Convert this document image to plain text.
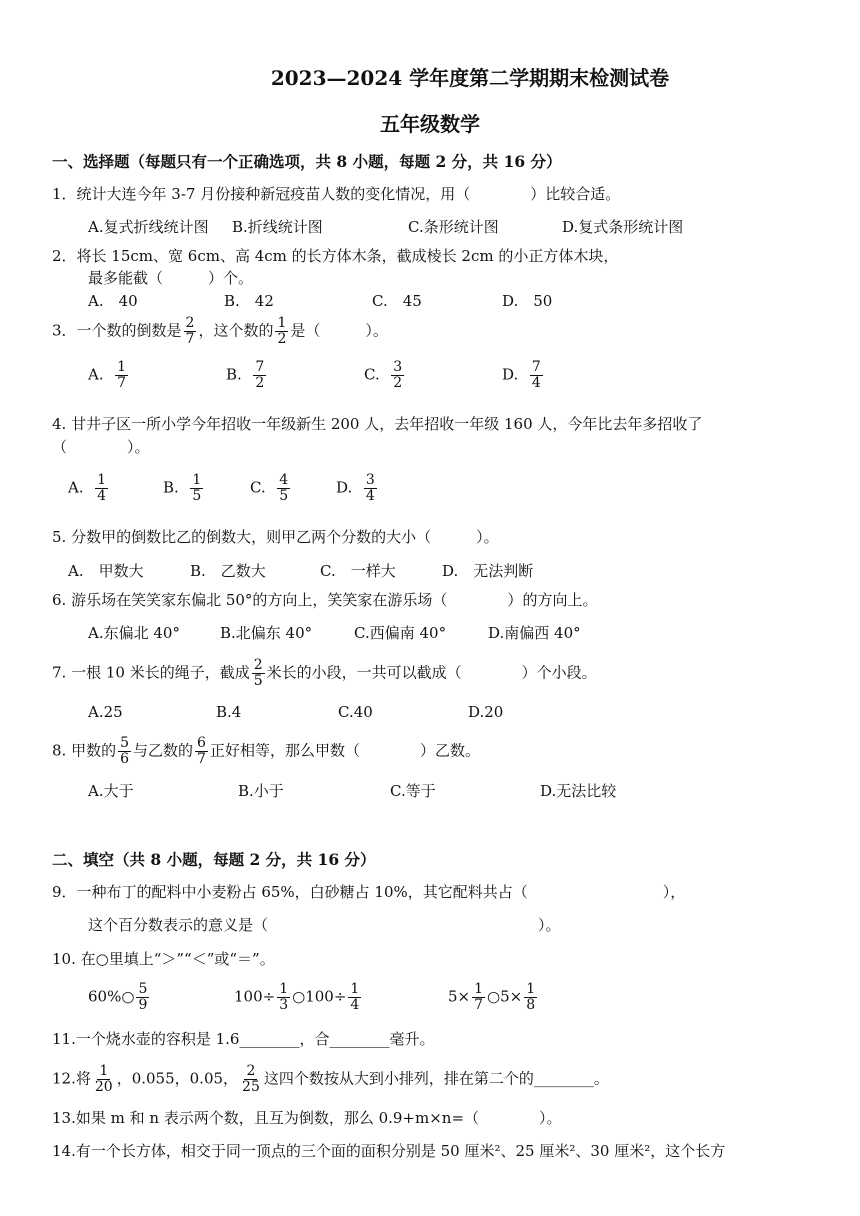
2023—2024 学年度第二学期期末检测试卷
五年级数学
一、选择题（每题只有一个正确选项，共 8 小题，每题 2 分，共 16 分）
1．统计大连今年 3-7 月份接种新冠疫苗人数的变化情况，用（　　　　）比较合适。
A.复式折线统计图 B.折线统计图	C.条形统计图	D.复式条形统计图
2．将长 15cm、宽 6cm、高 4cm 的长方体木条，截成棱长 2cm 的小正方体木块，
最多能截（　　　）个。
A.　40	B.　42	C.　45	D.　50
3．一个数的倒数是 $\frac{2}{7}$ ，这个数的 $\frac{1}{2}$ 是（　　　）。
A. $\frac{1}{7}$	B. $\frac{7}{2}$	C. $\frac{3}{2}$	D. $\frac{7}{4}$
4. 甘井子区一所小学今年招收一年级新生 200 人，去年招收一年级 160 人，今年比去年多招收了
（　　　　）。
A. $\frac{1}{4}$	B. $\frac{1}{5}$	C. $\frac{4}{5}$	D. $\frac{3}{4}$
5. 分数甲的倒数比乙的倒数大，则甲乙两个分数的大小（　　　）。
A.　甲数大	B.　乙数大	C.　一样大	D.　无法判断
6. 游乐场在笑笑家东偏北 50°的方向上，笑笑家在游乐场（　　　　）的方向上。
A.东偏北 40°	B.北偏东 40°	C.西偏南 40°	D.南偏西 40°
7. 一根 10 米长的绳子，截成 $\frac{2}{5}$ 米长的小段，一共可以截成（　　　　）个小段。
A.25	B.4	C.40	D.20
8. 甲数的 $\frac{5}{6}$ 与乙数的 $\frac{6}{7}$ 正好相等，那么甲数（　　　　）乙数。
A.大于	B.小于	C.等于	D.无法比较
二、填空（共 8 小题，每题 2 分，共 16 分）
9．一种布丁的配料中小麦粉占 65%，白砂糖占 10%，其它配料共占（　　　　　　　　　），
这个百分数表示的意义是（　　　　　　　　　　　　　　　　　　）。
10. 在○里填上“＞”“＜”或“＝”。
60%○ $\frac{5}{9}$	$100\div \frac{1}{3}$ ○100÷ $\frac{1}{4}$	$5\times \frac{1}{7}$ ○5× $\frac{1}{8}$
11.一个烧水壶的容积是 1.6________，合________毫升。
12.将 $\frac{1}{20}$ ，0.055，0.05， $\frac{2}{25}$ 这四个数按从大到小排列，排在第二个的________。
13.如果 m 和 n 表示两个数，且互为倒数，那么 0.9+m×n=（　　　　）。
14.有一个长方体，相交于同一顶点的三个面的面积分别是 50 厘米²、25 厘米²、30 厘米²，这个长方
